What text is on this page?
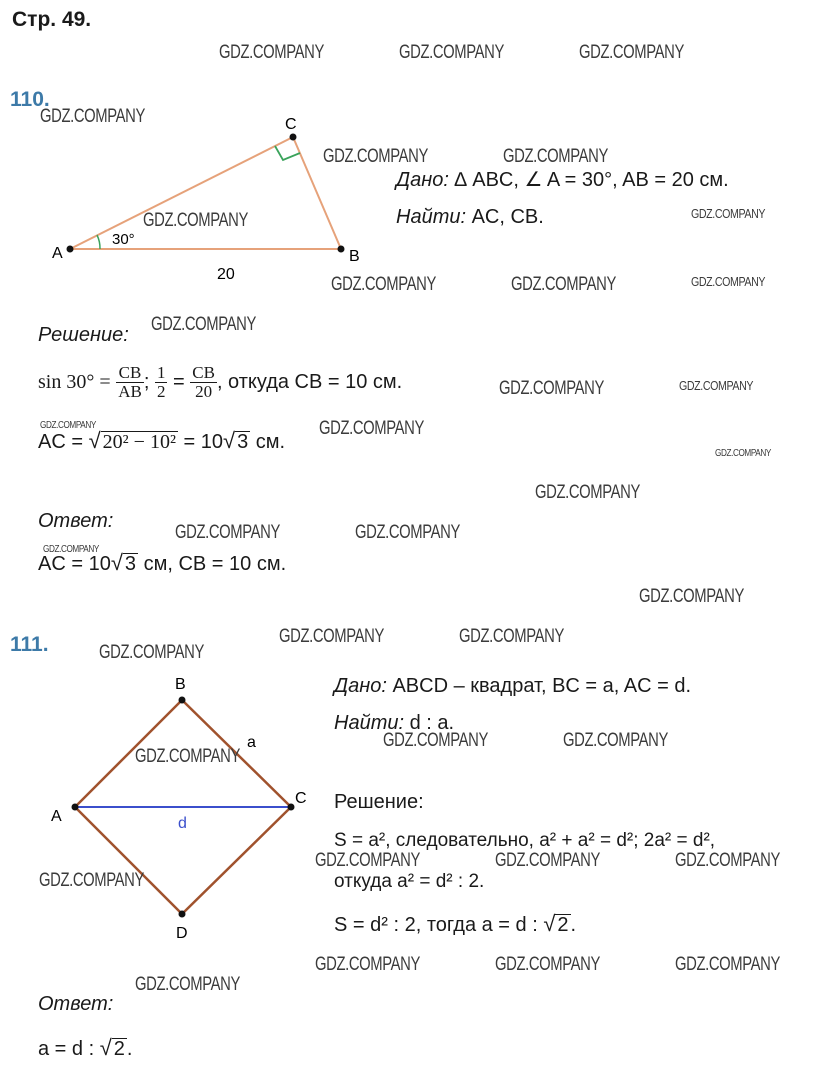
Стр. 49.
110.
A	B
C
30°
20
Дано: ∆ ABC, ∠ A = 30°, AB = 20 см.
Найти: AC, CB.
Решение:
$\sin 30^\circ = \frac{CB}{AB}$ ; $\frac{1}{2} = \frac{CB}{20}$ , откуда CB = 10 см.
AC = √ 20² − 10² = 10√ 3 см.
Ответ:
AC = 10√ 3 см, CB = 10 см.
111.
A
B
C
D
a
d
Дано: ABCD – квадрат, BC = a, AC = d.
Найти: d : a.
Решение:
S = a², следовательно, a² + a² = d²; 2a² = d²,
откуда a² = d² : 2.
S = d² : 2, тогда a = d : √ 2 .
Ответ:
a = d : √ 2 .
GDZ.COMPANY	GDZ.COMPANY	GDZ.COMPANY
GDZ.COMPANY
GDZ.COMPANY	GDZ.COMPANY
GDZ.COMPANY	GDZ.COMPANY
GDZ.COMPANY	GDZ.COMPANY	GDZ.COMPANY
GDZ.COMPANY
GDZ.COMPANY	GDZ.COMPANY
GDZ.COMPANY	GDZ.COMPANY
GDZ.COMPANY
GDZ.COMPANY
GDZ.COMPANY	GDZ.COMPANY
GDZ.COMPANY
GDZ.COMPANY
GDZ.COMPANY	GDZ.COMPANY
GDZ.COMPANY
GDZ.COMPANY	GDZ.COMPANY
GDZ.COMPANY
GDZ.COMPANY	GDZ.COMPANY	GDZ.COMPANY
GDZ.COMPANY
GDZ.COMPANY	GDZ.COMPANY	GDZ.COMPANY
GDZ.COMPANY
